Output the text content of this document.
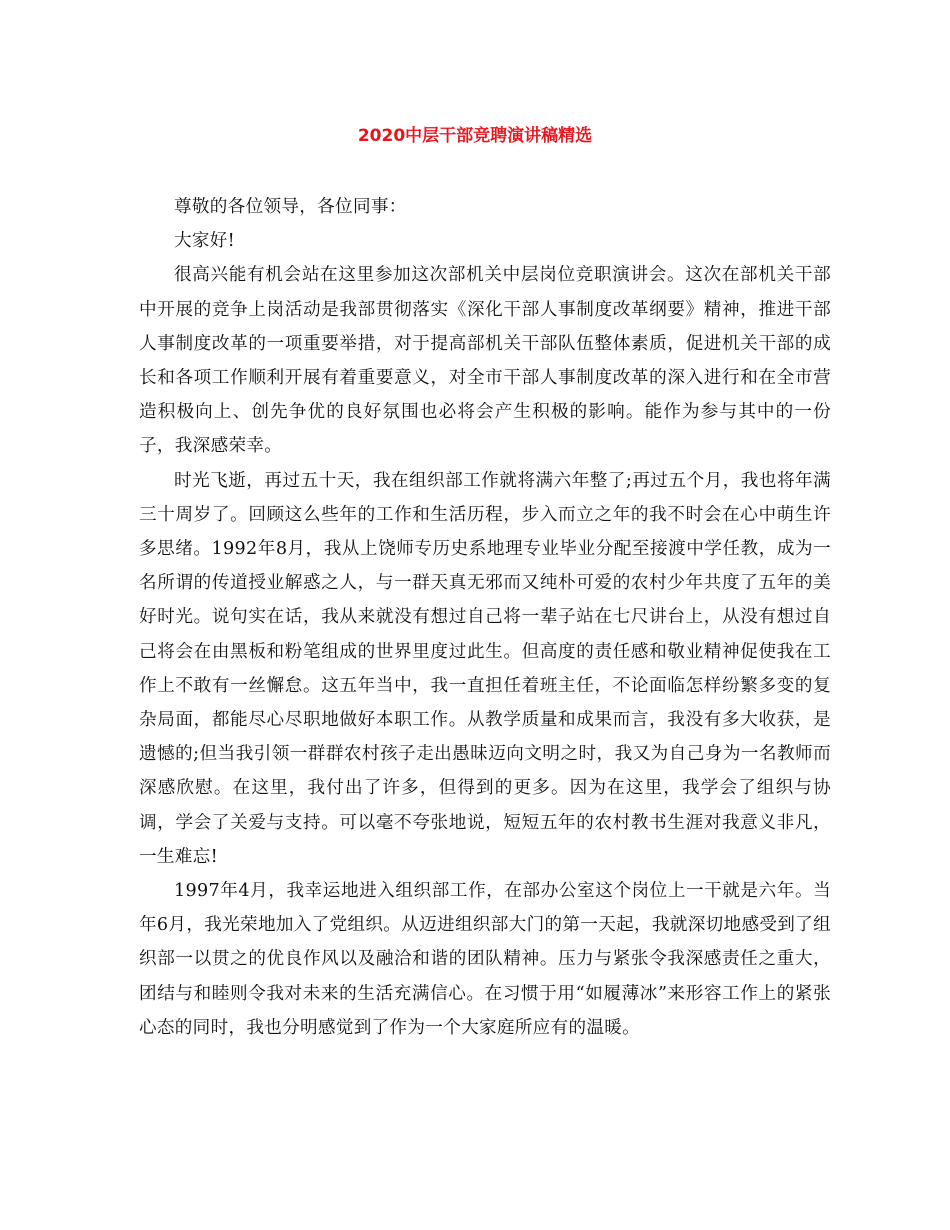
2020中层干部竞聘演讲稿精选

尊敬的各位领导，各位同事：

大家好!

很高兴能有机会站在这里参加这次部机关中层岗位竞职演讲会。这次在部机关干部中开展的竞争上岗活动是我部贯彻落实《深化干部人事制度改革纲要》精神，推进干部人事制度改革的一项重要举措，对于提高部机关干部队伍整体素质，促进机关干部的成长和各项工作顺利开展有着重要意义，对全市干部人事制度改革的深入进行和在全市营造积极向上、创先争优的良好氛围也必将会产生积极的影响。能作为参与其中的一份子，我深感荣幸。

时光飞逝，再过五十天，我在组织部工作就将满六年整了;再过五个月，我也将年满三十周岁了。回顾这么些年的工作和生活历程，步入而立之年的我不时会在心中萌生许多思绪。1992年8月，我从上饶师专历史系地理专业毕业分配至接渡中学任教，成为一名所谓的传道授业解惑之人，与一群天真无邪而又纯朴可爱的农村少年共度了五年的美好时光。说句实在话，我从来就没有想过自己将一辈子站在七尺讲台上，从没有想过自己将会在由黑板和粉笔组成的世界里度过此生。但高度的责任感和敬业精神促使我在工作上不敢有一丝懈怠。这五年当中，我一直担任着班主任，不论面临怎样纷繁多变的复杂局面，都能尽心尽职地做好本职工作。从教学质量和成果而言，我没有多大收获，是遗憾的;但当我引领一群群农村孩子走出愚昧迈向文明之时，我又为自己身为一名教师而深感欣慰。在这里，我付出了许多，但得到的更多。因为在这里，我学会了组织与协调，学会了关爱与支持。可以毫不夸张地说，短短五年的农村教书生涯对我意义非凡，一生难忘!

1997年4月，我幸运地进入组织部工作，在部办公室这个岗位上一干就是六年。当年6月，我光荣地加入了党组织。从迈进组织部大门的第一天起，我就深切地感受到了组织部一以贯之的优良作风以及融洽和谐的团队精神。压力与紧张令我深感责任之重大，团结与和睦则令我对未来的生活充满信心。在习惯于用“如履薄冰”来形容工作上的紧张心态的同时，我也分明感觉到了作为一个大家庭所应有的温暖。
